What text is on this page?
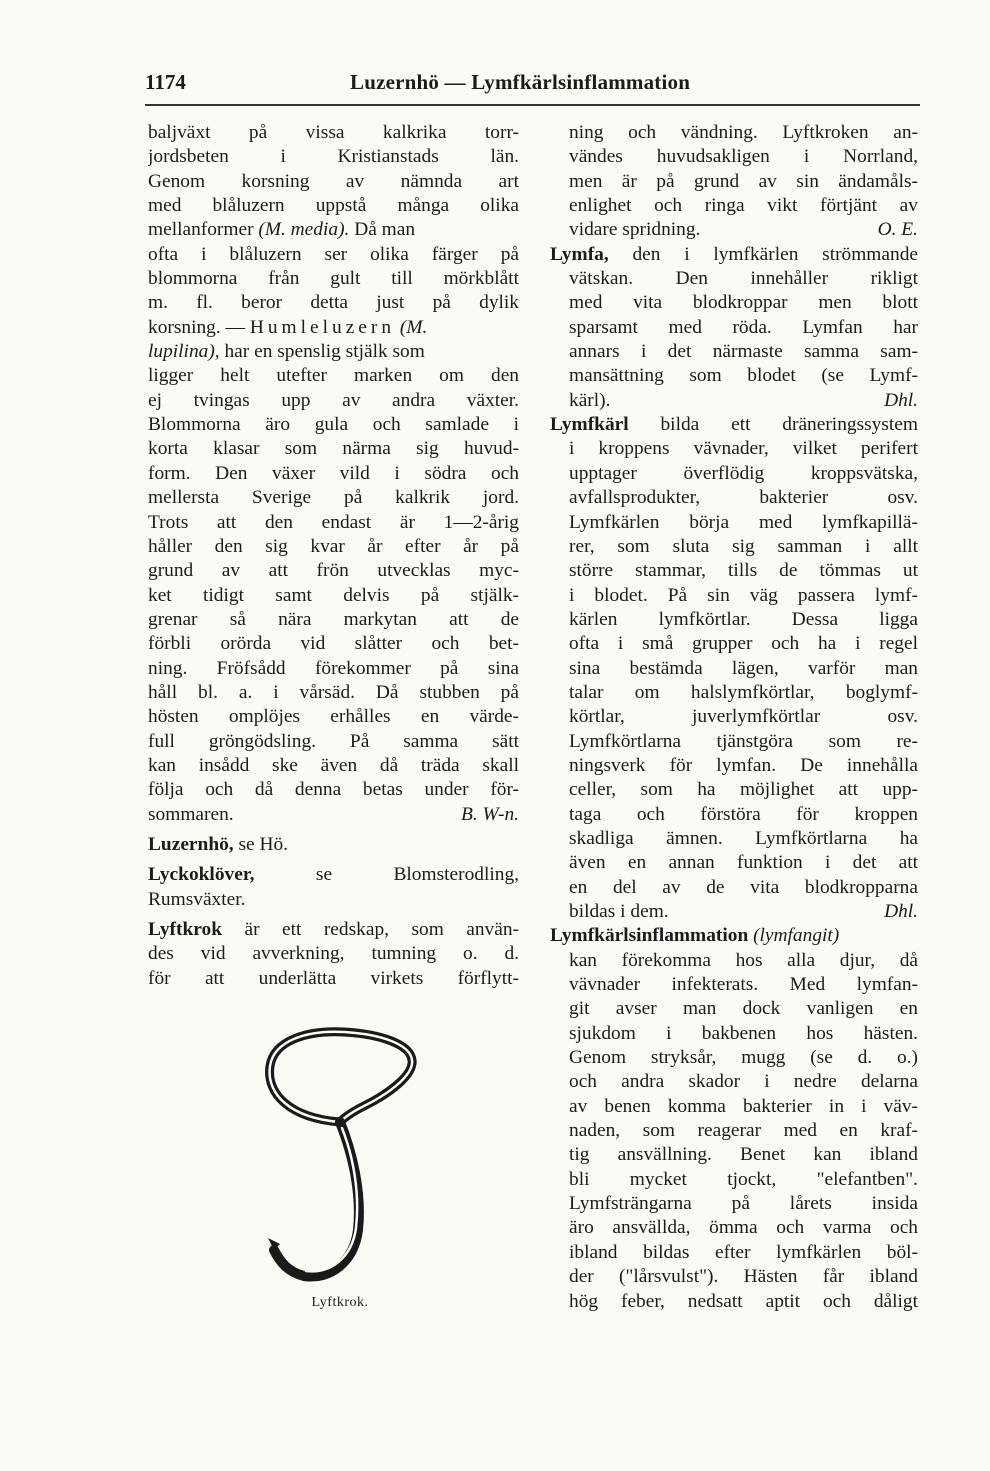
1174	Luzernhö — Lymfkärlsinflammation
baljväxt på vissa kalkrika torr-
jordsbeten i Kristianstads län.
Genom korsning av nämnda art
med blåluzern uppstå många olika
mellanformer (M. media). Då man
ofta i blåluzern ser olika färger på
blommorna från gult till mörkblått
m. fl. beror detta just på dylik
korsning. — Humleluzern (M.
lupilina), har en spenslig stjälk som
ligger helt utefter marken om den
ej tvingas upp av andra växter.
Blommorna äro gula och samlade i
korta klasar som närma sig huvud-
form. Den växer vild i södra och
mellersta Sverige på kalkrik jord.
Trots att den endast är 1—2-årig
håller den sig kvar år efter år på
grund av att frön utvecklas myc-
ket tidigt samt delvis på stjälk-
grenar så nära markytan att de
förbli orörda vid slåtter och bet-
ning. Fröfsådd förekommer på sina
håll bl. a. i vårsäd. Då stubben på
hösten omplöjes erhålles en värde-
full gröngödsling. På samma sätt
kan insådd ske även då träda skall
följa och då denna betas under för-
sommaren.	B. W-n.
Luzernhö, se Hö.
Lyckoklöver, se Blomsterodling,
Rumsväxter.
Lyftkrok är ett redskap, som använ-
des vid avverkning, tumning o. d.
för att underlätta virkets förflytt-
Lyftkrok.
ning och vändning. Lyftkroken an-
vändes huvudsakligen i Norrland,
men är på grund av sin ändamåls-
enlighet och ringa vikt förtjänt av
vidare spridning.	O. E.
Lymfa, den i lymfkärlen strömmande
vätskan. Den innehåller rikligt
med vita blodkroppar men blott
sparsamt med röda. Lymfan har
annars i det närmaste samma sam-
mansättning som blodet (se Lymf-
kärl).	Dhl.
Lymfkärl bilda ett dräneringssystem
i kroppens vävnader, vilket perifert
upptager överflödig kroppsvätska,
avfallsprodukter, bakterier osv.
Lymfkärlen börja med lymfkapillä-
rer, som sluta sig samman i allt
större stammar, tills de tömmas ut
i blodet. På sin väg passera lymf-
kärlen lymfkörtlar. Dessa ligga
ofta i små grupper och ha i regel
sina bestämda lägen, varför man
talar om halslymfkörtlar, boglymf-
körtlar, juverlymfkörtlar osv.
Lymfkörtlarna tjänstgöra som re-
ningsverk för lymfan. De innehålla
celler, som ha möjlighet att upp-
taga och förstöra för kroppen
skadliga ämnen. Lymfkörtlarna ha
även en annan funktion i det att
en del av de vita blodkropparna
bildas i dem.	Dhl.
Lymfkärlsinflammation (lymfangit)
kan förekomma hos alla djur, då
vävnader infekterats. Med lymfan-
git avser man dock vanligen en
sjukdom i bakbenen hos hästen.
Genom stryksår, mugg (se d. o.)
och andra skador i nedre delarna
av benen komma bakterier in i väv-
naden, som reagerar med en kraf-
tig ansvällning. Benet kan ibland
bli mycket tjockt, "elefantben".
Lymfsträngarna på lårets insida
äro ansvällda, ömma och varma och
ibland bildas efter lymfkärlen böl-
der ("lårsvulst"). Hästen får ibland
hög feber, nedsatt aptit och dåligt
